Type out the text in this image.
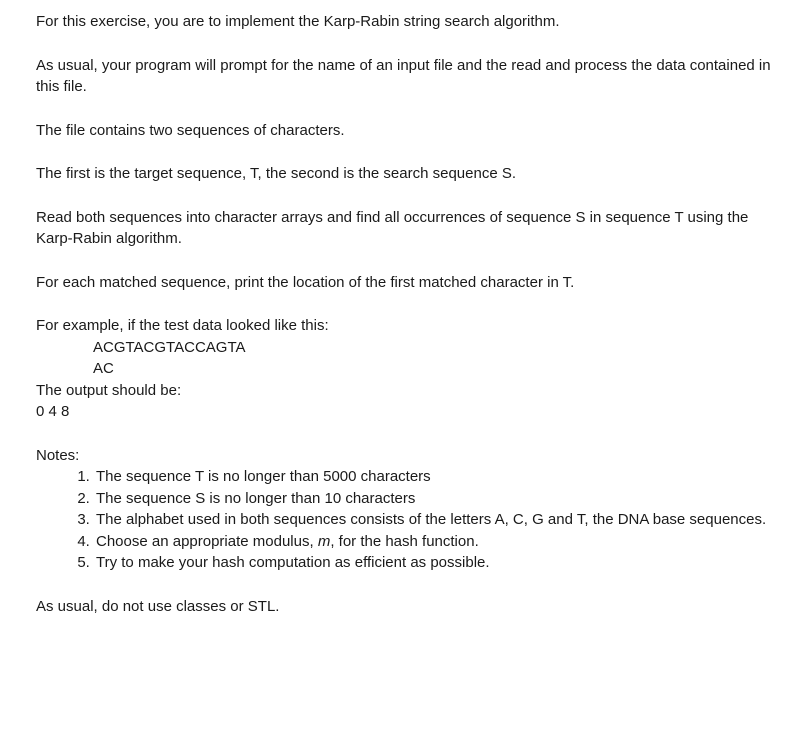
For this exercise, you are to implement the Karp-Rabin string search algorithm.

As usual, your program will prompt for the name of an input file and the read and process the data contained in this file.

The file contains two sequences of characters.

The first is the target sequence, T, the second is the search sequence S.

Read both sequences into character arrays and find all occurrences of sequence S in sequence T using the Karp-Rabin algorithm.

For each matched sequence, print the location of the first matched character in T.

For example, if the test data looked like this:

ACGTACGTACCAGTA

AC

The output should be:

0 4 8

Notes:

1. The sequence T is no longer than 5000 characters
2. The sequence S is no longer than 10 characters
3. The alphabet used in both sequences consists of the letters A, C, G and T, the DNA base sequences.
4. Choose an appropriate modulus, m, for the hash function.
5. Try to make your hash computation as efficient as possible.

As usual, do not use classes or STL.
